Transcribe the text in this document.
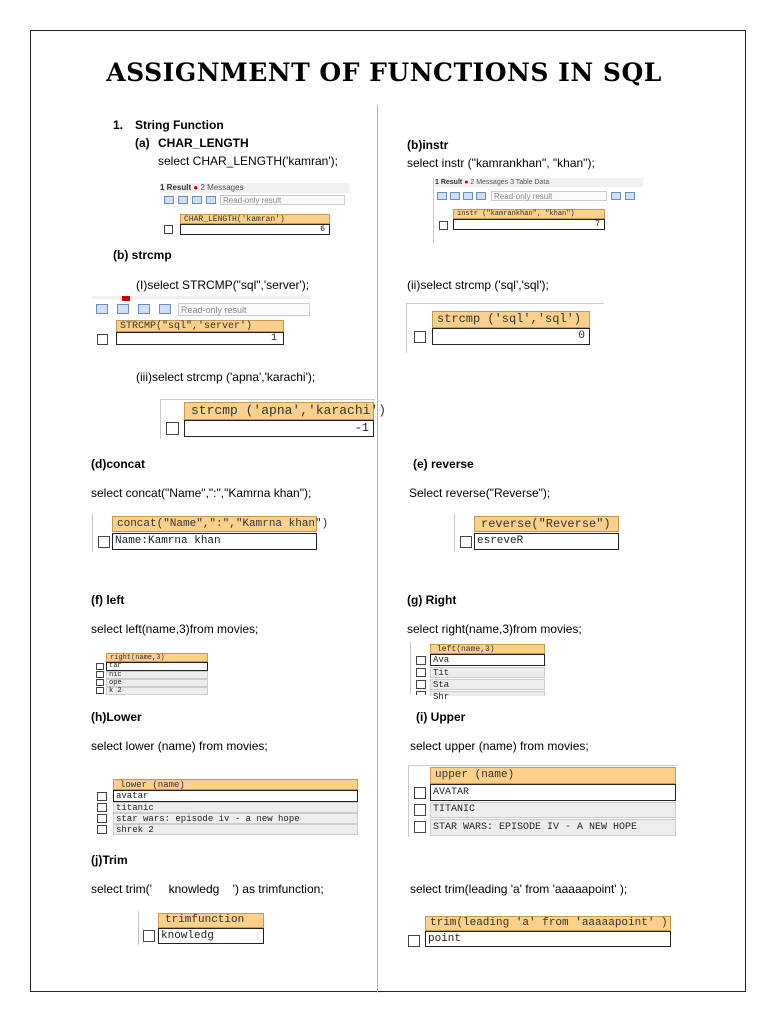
ASSIGNMENT OF FUNCTIONS IN SQL
1. String Function
(a) CHAR_LENGTH
select CHAR_LENGTH('kamran');
1 Result ● 2 Messages
Read-only result
CHAR_LENGTH('kamran')
6
(b)instr
select instr ("kamrankhan", "khan");
1 Result ● 2 Messages 3 Table Data
Read-only result
instr ("kamrankhan", "khan")
7
(b) strcmp
(I)select STRCMP("sql",'server');
Read-only result
STRCMP("sql",'server')
1
(ii)select strcmp ('sql','sql');
strcmp ('sql','sql')
0
(iii)select strcmp ('apna','karachi');
strcmp ('apna','karachi')
-1
(d)concat
select concat("Name",":","Kamrna khan");
concat("Name",":","Kamrna khan")
Name:Kamrna khan
(e) reverse
Select reverse("Reverse");
reverse("Reverse")
esreveR
(f) left
select left(name,3)from movies;
right(name,3)
tar
nic
ope
k 2
(g) Right
select right(name,3)from movies;
left(name,3)
Ava
Tit
Sta
Shr
(h)Lower
select lower (name) from movies;
lower (name)
avatar
titanic
star wars: episode iv - a new hope
shrek 2
(i) Upper
select upper (name) from movies;
upper (name)
AVATAR
TITANIC
STAR WARS: EPISODE IV - A NEW HOPE
(j)Trim
select trim('     knowledg    ') as trimfunction;
trimfunction
knowledg
select trim(leading 'a' from 'aaaaapoint' );
trim(leading 'a' from 'aaaaapoint' )
point
